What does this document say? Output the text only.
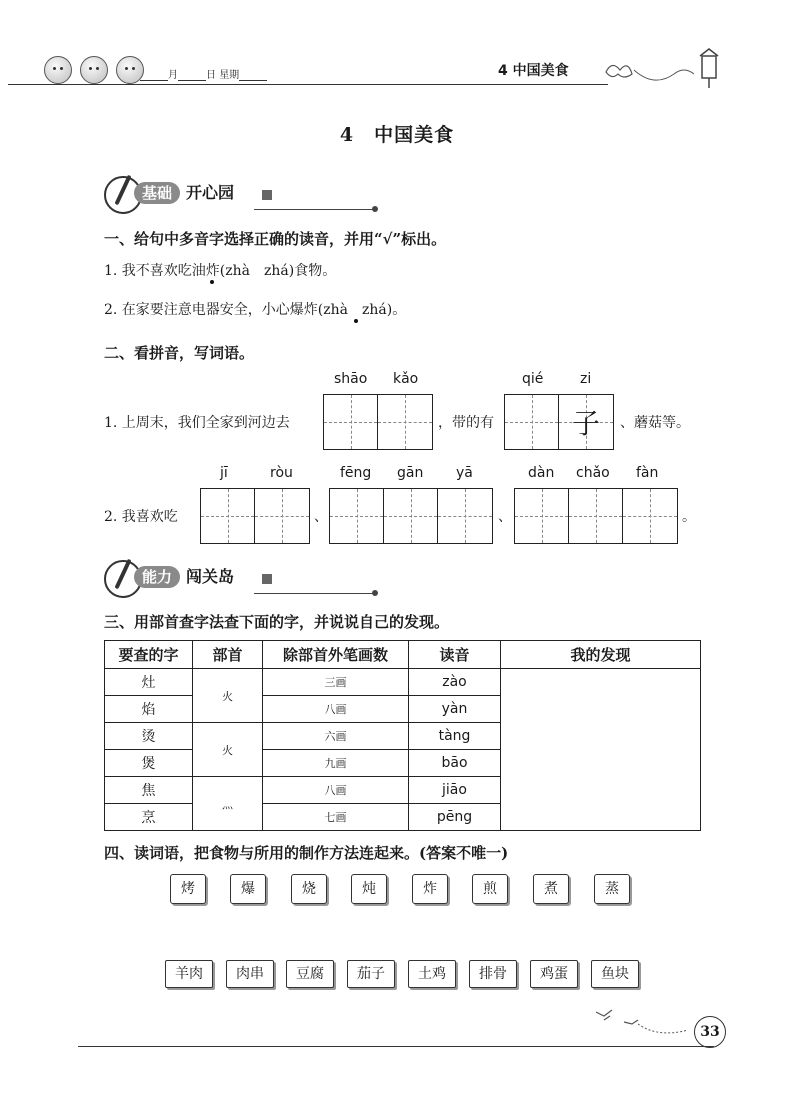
月	日 星期	4 中国美食
4　中国美食
基础 开心园
一、给句中多音字选择正确的读音，并用“√”标出。
1. 我不喜欢吃油炸(zhà　zhá)食物。
2. 在家要注意电器安全，小心爆炸(zhà　zhá)。
二、看拼音，写词语。
shāo kǎo	qié	zi
1. 上周末，我们全家到河边去	，带的有	子 、蘑菇等。
jī	ròu	fēng gān yā	dàn chǎo fàn
2. 我喜欢吃	、	、	。
能力 闯关岛
三、用部首查字法查下面的字，并说说自己的发现。
要查的字	部首	除部首外笔画数	读音	我的发现
灶	火	三画	zào	
焰		八画	yàn	
烫	火	六画	tàng	
煲		九画	bāo	
焦	灬	八画	jiāo	
烹		七画	pēng	
四、读词语，把食物与所用的制作方法连起来。(答案不唯一)
烤	爆	烧	炖	炸	煎	煮	蒸
羊肉	肉串	豆腐	茄子	土鸡	排骨	鸡蛋	鱼块
33
